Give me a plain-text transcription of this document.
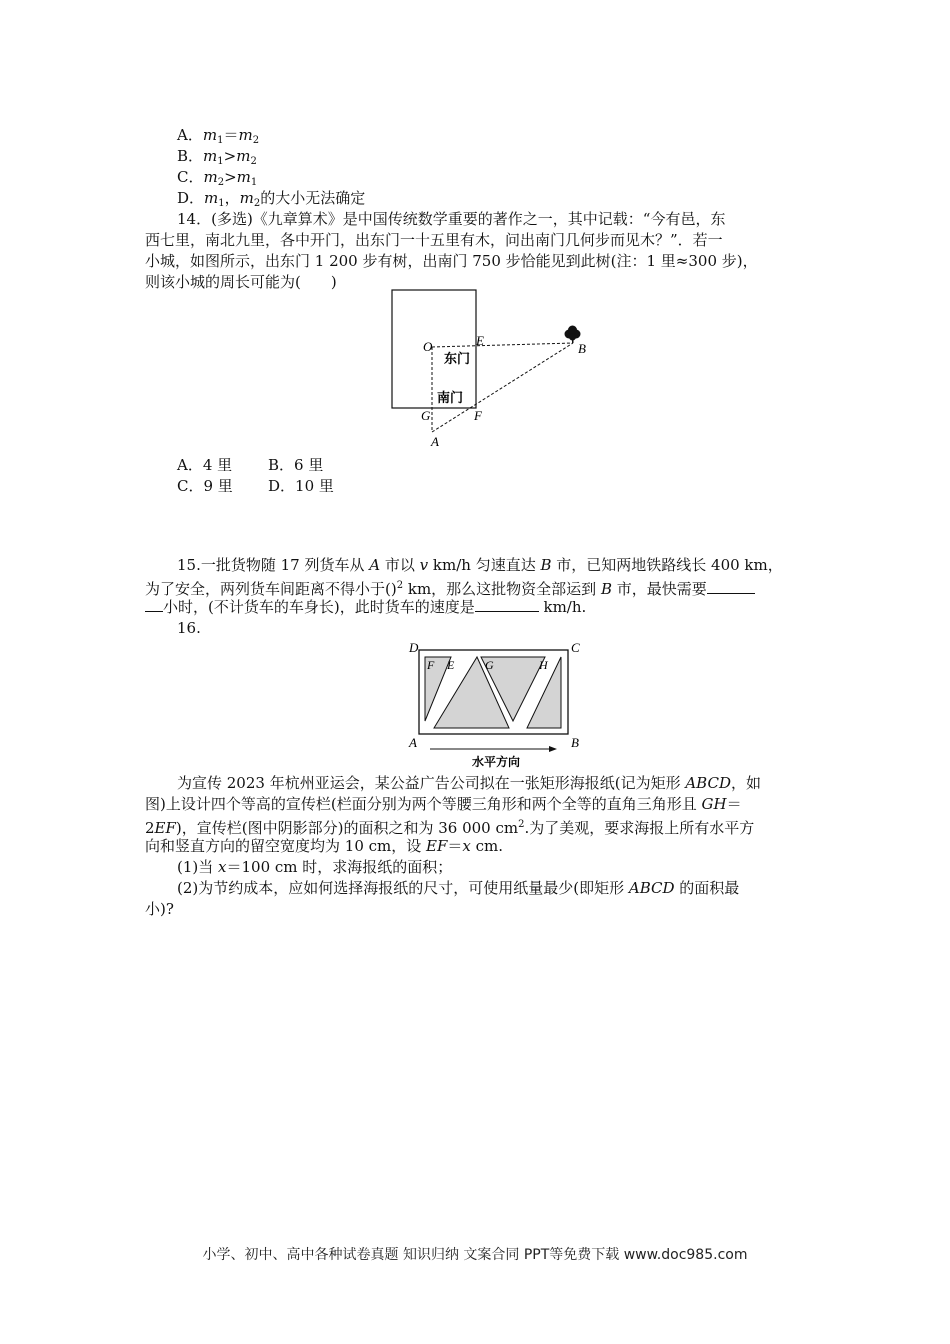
A．$m_1=m_2$
B．$m_1>m_2$
C．$m_2>m_1$
D．$m_1$，$m_2$的大小无法确定
14．(多选)《九章算术》是中国传统数学重要的著作之一，其中记载：“今有邑，东
西七里，南北九里，各中开门，出东门一十五里有木，问出南门几何步而见木？”．若一
小城，如图所示，出东门 1 200 步有树，出南门 750 步恰能见到此树(注：1 里≈300 步)，
则该小城的周长可能为(　　)
O	E
B
G	F
A
东门
南门
A．4 里 B．6 里
C．9 里 D．10 里
15.一批货物随 17 列货车从 A 市以 v km/h 匀速直达 B 市，已知两地铁路线长 400 km，
为了安全，两列货车间距离不得小于()$^2$ km，那么这批物资全部运到 B 市，最快需要
小时，(不计货车的车身长)，此时货车的速度是	km/h.
16.
D	C
A	B
F E	G	H
水平方向
为宣传 2023 年杭州亚运会，某公益广告公司拟在一张矩形海报纸(记为矩形 ABCD，如
图)上设计四个等高的宣传栏(栏面分别为两个等腰三角形和两个全等的直角三角形且 GH＝
2EF)，宣传栏(图中阴影部分)的面积之和为 36 000 $cm^2$.为了美观，要求海报上所有水平方
向和竖直方向的留空宽度均为 10 cm，设 EF＝x cm.
(1)当 x＝100 cm 时，求海报纸的面积；
(2)为节约成本，应如何选择海报纸的尺寸，可使用纸量最少(即矩形 ABCD 的面积最
小)?
小学、初中、高中各种试卷真题 知识归纳 文案合同 PPT等免费下载 www.doc985.com
